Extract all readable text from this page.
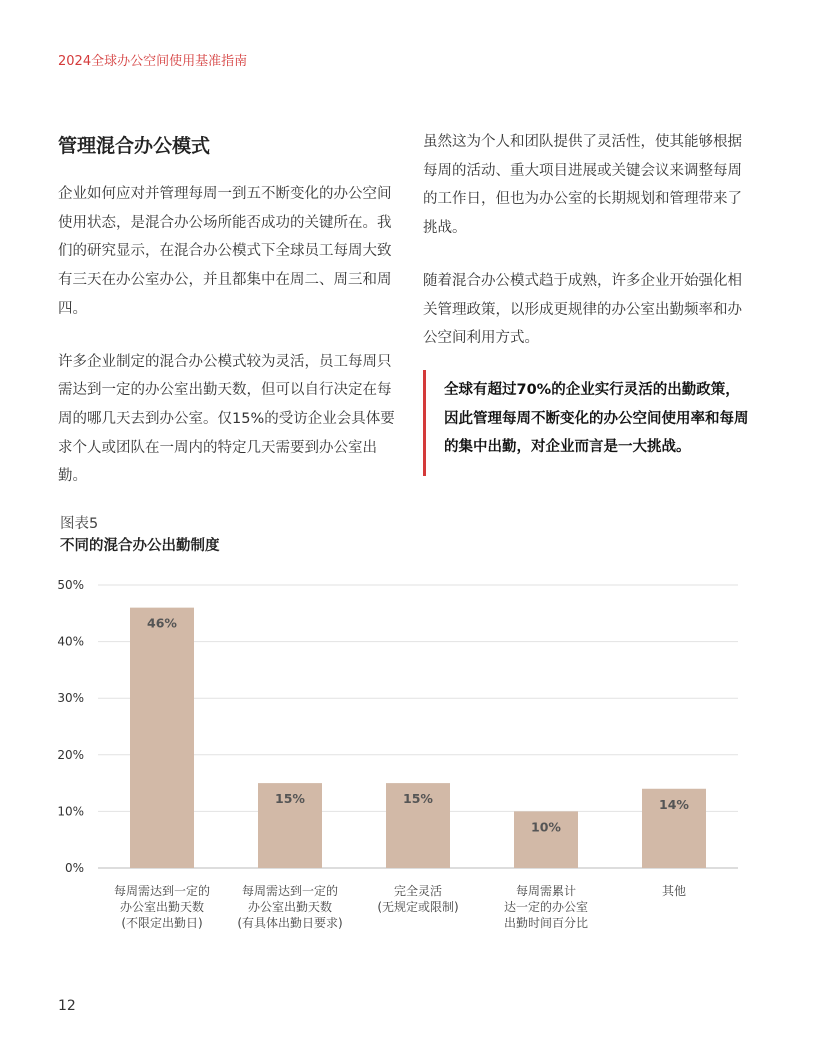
2024全球办公空间使用基准指南
管理混合办公模式

企业如何应对并管理每周一到五不断变化的办公空间使用状态，是混合办公场所能否成功的关键所在。我们的研究显示，在混合办公模式下全球员工每周大致有三天在办公室办公，并且都集中在周二、周三和周四。

许多企业制定的混合办公模式较为灵活，员工每周只需达到一定的办公室出勤天数，但可以自行决定在每周的哪几天去到办公室。仅15%的受访企业会具体要求个人或团队在一周内的特定几天需要到办公室出勤。

虽然这为个人和团队提供了灵活性，使其能够根据每周的活动、重大项目进展或关键会议来调整每周的工作日，但也为办公室的长期规划和管理带来了挑战。

随着混合办公模式趋于成熟，许多企业开始强化相关管理政策，以形成更规律的办公室出勤频率和办公空间利用方式。

全球有超过70%的企业实行灵活的出勤政策，因此管理每周不断变化的办公空间使用率和每周的集中出勤，对企业而言是一大挑战。

图表5
不同的混合办公出勤制度
0%
10%
20%
30%
40%
50%
46%
每周需达到一定的
办公室出勤天数
(不限定出勤日)
15%
每周需达到一定的
办公室出勤天数
(有具体出勤日要求)
15%
完全灵活
(无规定或限制)
10%
每周需累计
达一定的办公室
出勤时间百分比
14%
其他
12
